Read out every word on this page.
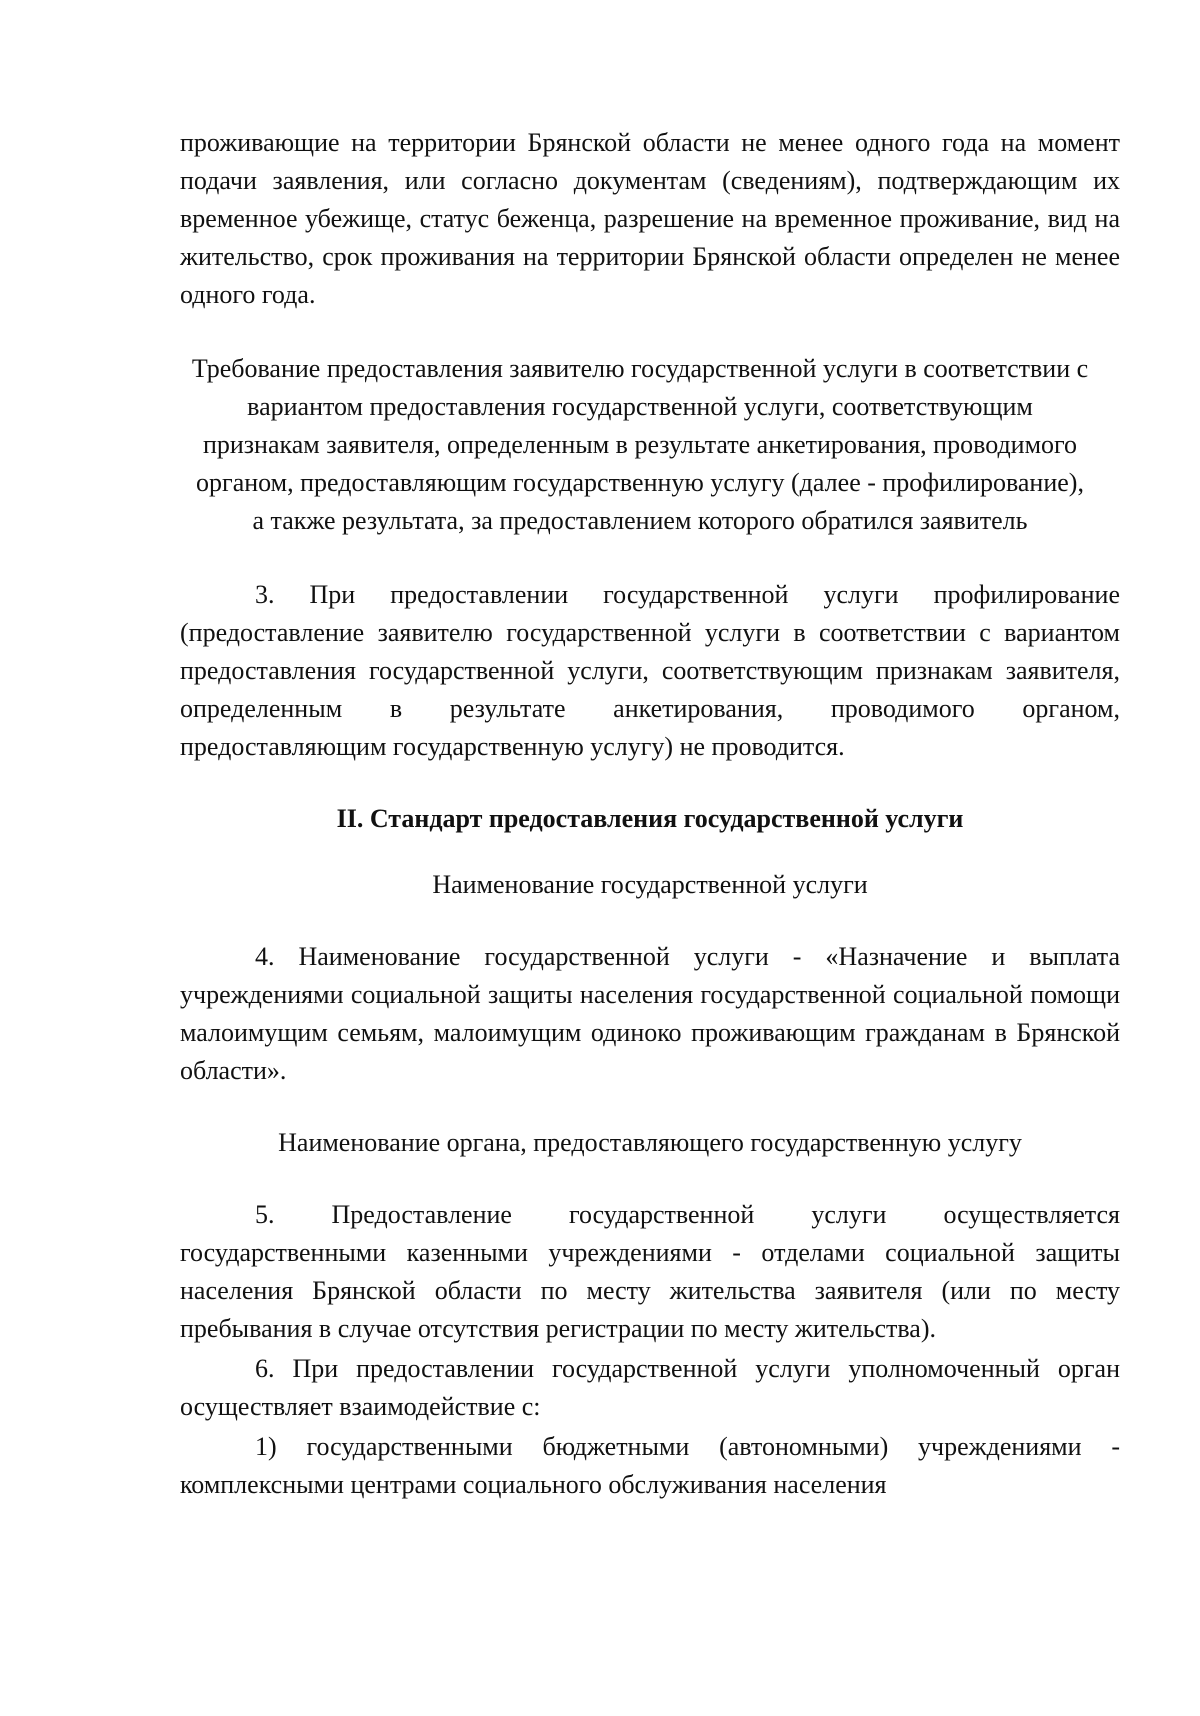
проживающие на территории Брянской области не менее одного года на момент подачи заявления, или согласно документам (сведениям), подтверждающим их временное убежище, статус беженца, разрешение на временное проживание, вид на жительство, срок проживания на территории Брянской области определен не менее одного года.

Требование предоставления заявителю государственной услуги в соответствии с вариантом предоставления государственной услуги, соответствующим признакам заявителя, определенным в результате анкетирования, проводимого органом, предоставляющим государственную услугу (далее - профилирование), а также результата, за предоставлением которого обратился заявитель

3. При предоставлении государственной услуги профилирование (предоставление заявителю государственной услуги в соответствии с вариантом предоставления государственной услуги, соответствующим признакам заявителя, определенным в результате анкетирования, проводимого органом, предоставляющим государственную услугу) не проводится.

II. Стандарт предоставления государственной услуги

Наименование государственной услуги

4. Наименование государственной услуги - «Назначение и выплата учреждениями социальной защиты населения государственной социальной помощи малоимущим семьям, малоимущим одиноко проживающим гражданам в Брянской области».

Наименование органа, предоставляющего государственную услугу

5. Предоставление государственной услуги осуществляется государственными казенными учреждениями - отделами социальной защиты населения Брянской области по месту жительства заявителя (или по месту пребывания в случае отсутствия регистрации по месту жительства).

6. При предоставлении государственной услуги уполномоченный орган осуществляет взаимодействие с:

1) государственными бюджетными (автономными) учреждениями - комплексными центрами социального обслуживания населения
